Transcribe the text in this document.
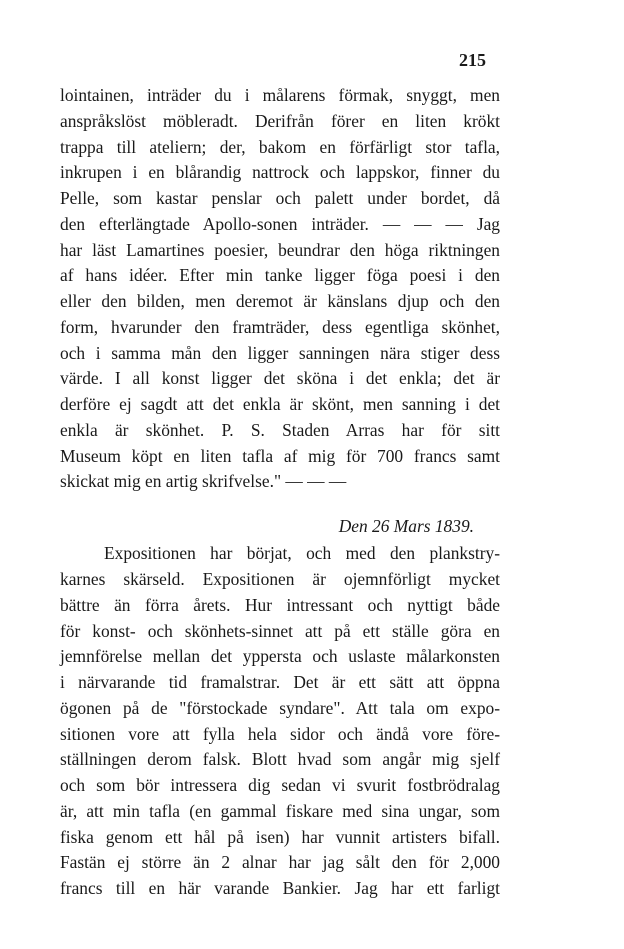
215
lointainen, inträder du i målarens förmak, snyggt, men
anspråkslöst möbleradt. Derifrån förer en liten krökt
trappa till ateliern; der, bakom en förfärligt stor tafla,
inkrupen i en blårandig nattrock och lappskor, finner du
Pelle, som kastar penslar och palett under bordet, då
den efterlängtade Apollo-sonen inträder. — — — Jag
har läst Lamartines poesier, beundrar den höga riktningen
af hans idéer. Efter min tanke ligger föga poesi i den
eller den bilden, men deremot är känslans djup och den
form, hvarunder den framträder, dess egentliga skönhet,
och i samma mån den ligger sanningen nära stiger dess
värde. I all konst ligger det sköna i det enkla; det är
derföre ej sagdt att det enkla är skönt, men sanning i det
enkla är skönhet. P. S. Staden Arras har för sitt
Museum köpt en liten tafla af mig för 700 francs samt
skickat mig en artig skrifvelse." — — —
Den 26 Mars 1839.
Expositionen har börjat, och med den plankstry-
karnes skärseld. Expositionen är ojemnförligt mycket
bättre än förra årets. Hur intressant och nyttigt både
för konst- och skönhets-sinnet att på ett ställe göra en
jemnförelse mellan det yppersta och uslaste målarkonsten
i närvarande tid framalstrar. Det är ett sätt att öppna
ögonen på de "förstockade syndare". Att tala om expo-
sitionen vore att fylla hela sidor och ändå vore före-
ställningen derom falsk. Blott hvad som angår mig sjelf
och som bör intressera dig sedan vi svurit fostbrödralag
är, att min tafla (en gammal fiskare med sina ungar, som
fiska genom ett hål på isen) har vunnit artisters bifall.
Fastän ej större än 2 alnar har jag sålt den för 2,000
francs till en här varande Bankier. Jag har ett farligt
